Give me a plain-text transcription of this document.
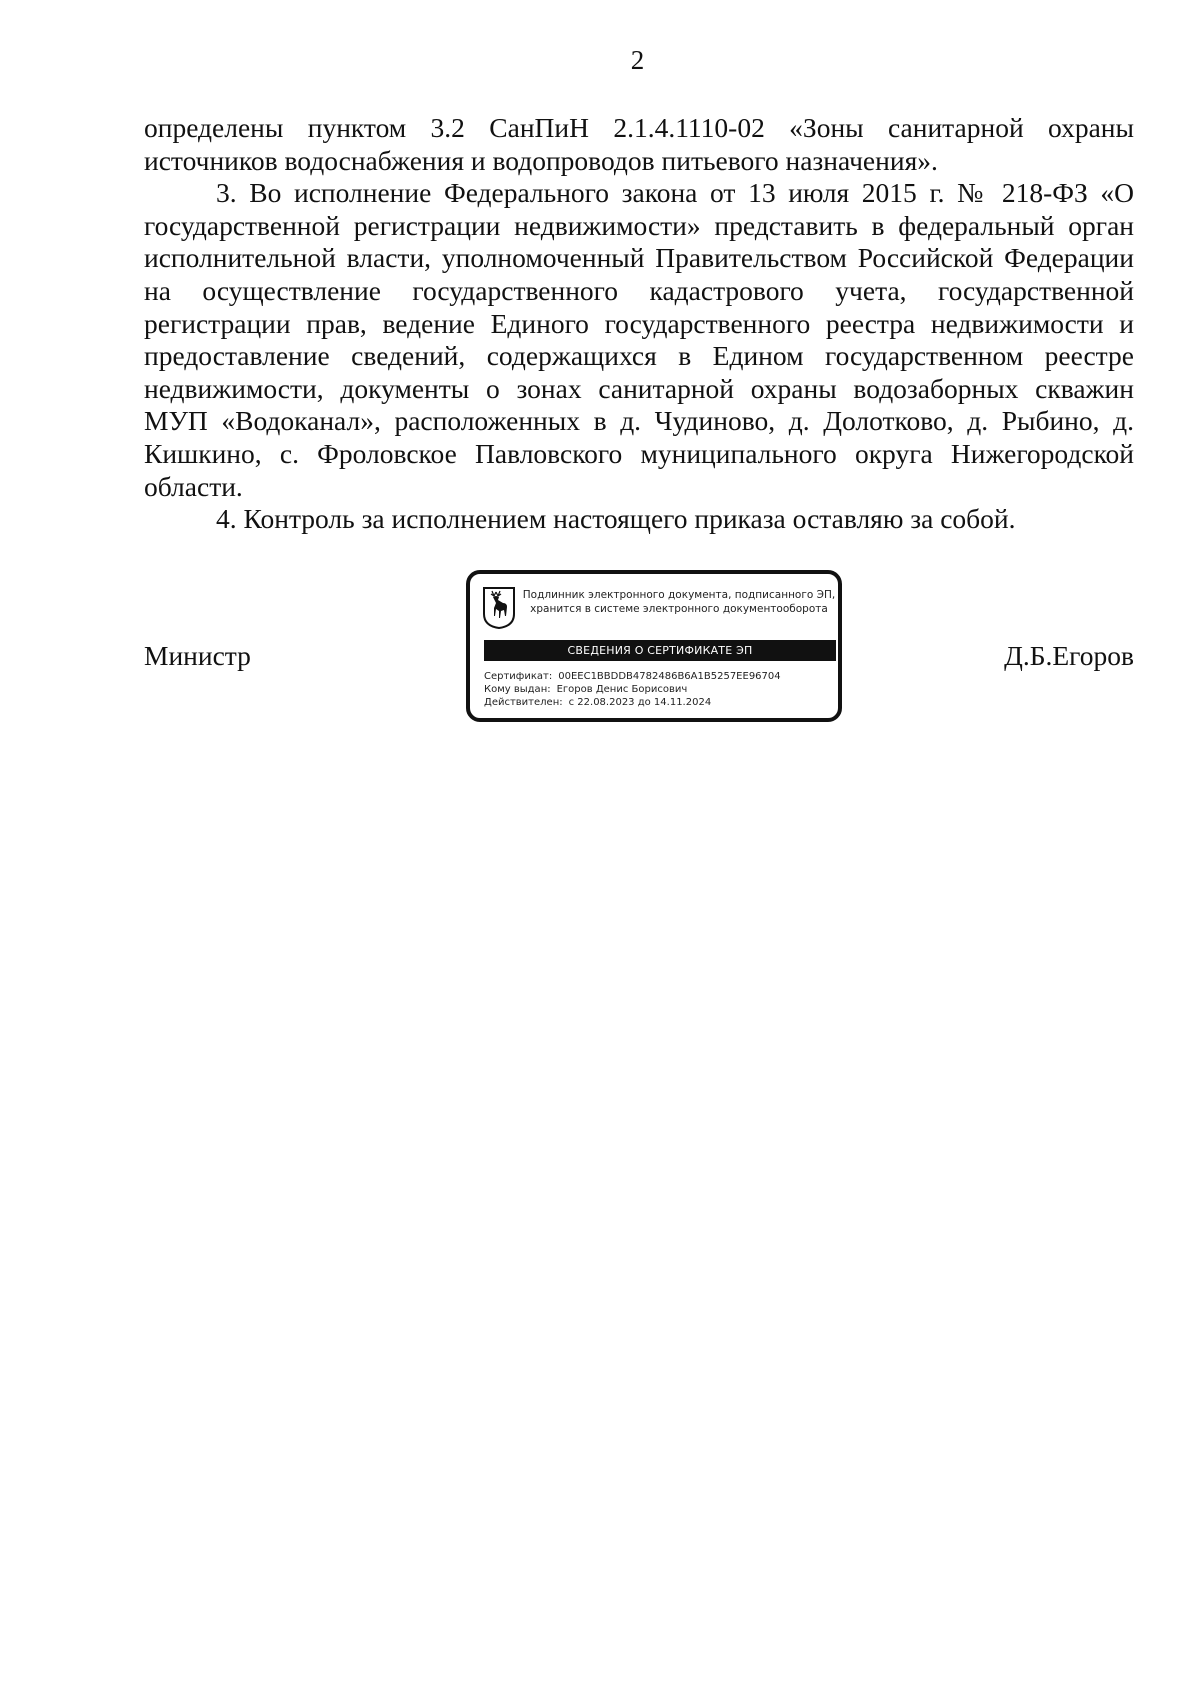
2

определены пунктом 3.2 СанПиН 2.1.4.1110-02 «Зоны санитарной охраны источников водоснабжения и водопроводов питьевого назначения».

3. Во исполнение Федерального закона от 13 июля 2015 г. № 218-ФЗ «О государственной регистрации недвижимости» представить в федеральный орган исполнительной власти, уполномоченный Правительством Российской Федерации на осуществление государственного кадастрового учета, государственной регистрации прав, ведение Единого государственного реестра недвижимости и предоставление сведений, содержащихся в Едином государственном реестре недвижимости, документы о зонах санитарной охраны водозаборных скважин МУП «Водоканал», расположенных в д. Чудиново, д. Долотково, д. Рыбино, д. Кишкино, с. Фроловское Павловского муниципального округа Нижегородской области.

4. Контроль за исполнением настоящего приказа оставляю за собой.

Министр
Подлинник электронного документа, подписанного ЭП,
хранится в системе электронного документооборота
СВЕДЕНИЯ О СЕРТИФИКАТЕ ЭП
Сертификат: 00EEC1BBDDB4782486B6A1B5257EE96704
Кому выдан: Егоров Денис Борисович
Действителен: с 22.08.2023 до 14.11.2024
Д.Б.Егоров
